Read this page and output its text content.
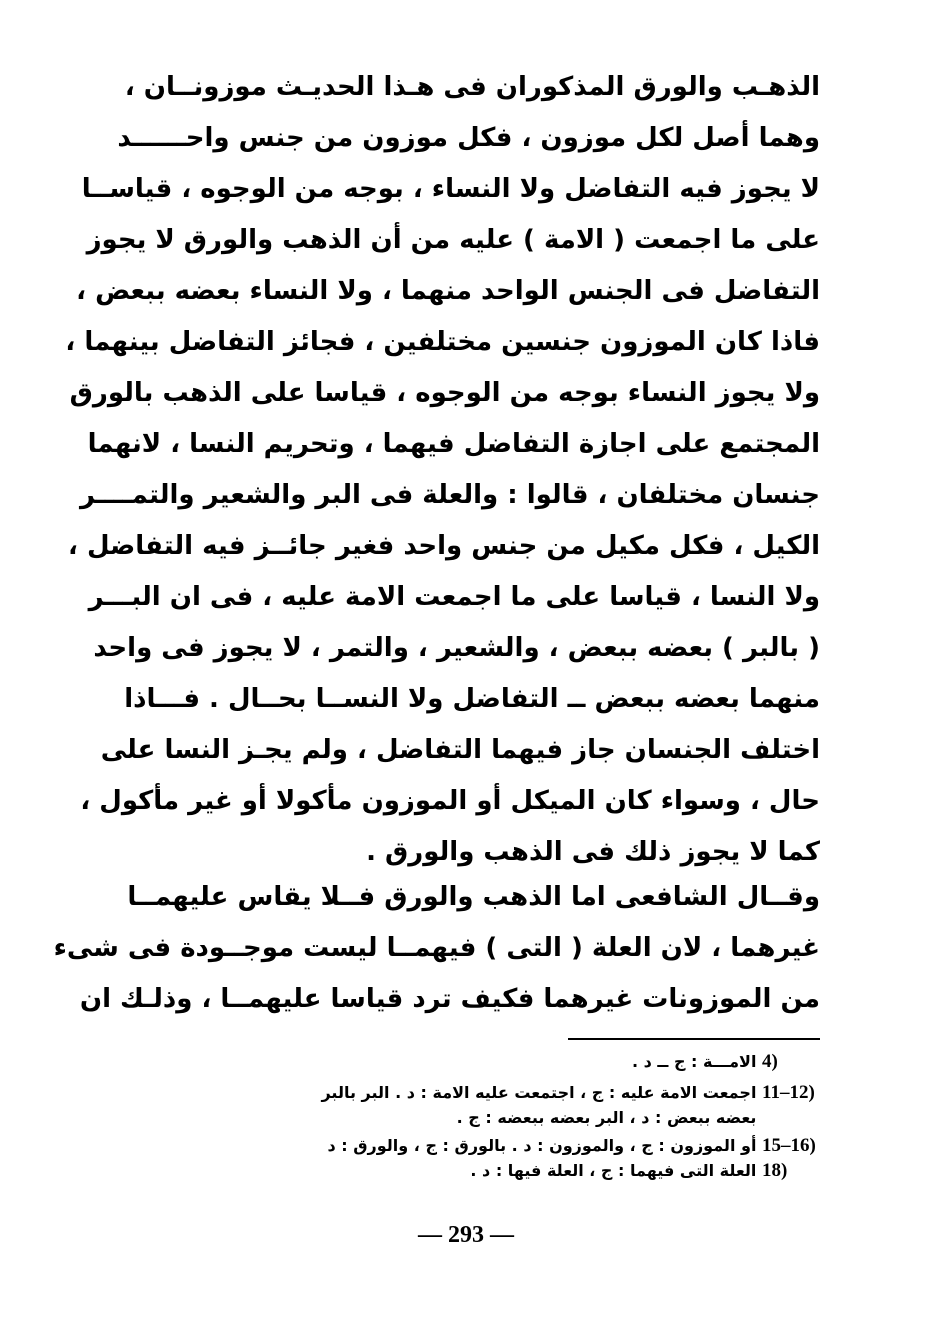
الذهـب والورق المذكوران فى هـذا الحديـث موزونــان ،
وهما أصل لكل موزون ، فكل موزون من جنس واحــــــد
لا يجوز فيه التفاضل ولا النساء ، بوجه من الوجوه ، قياســا
على ما اجمعت ( الامة ) عليه من أن الذهب والورق لا يجوز
التفاضل فى الجنس الواحد منهما ، ولا النساء بعضه ببعض ،
فاذا كان الموزون جنسين مختلفين ، فجائز التفاضل بينهما ،
ولا يجوز النساء بوجه من الوجوه ، قياسا على الذهب بالورق
المجتمع على اجازة التفاضل فيهما ، وتحريم النسا ، لانهما
جنسان مختلفان ، قالوا : والعلة فى البر والشعير والتمــــر
الكيل ، فكل مكيل من جنس واحد فغير جائــز فيه التفاضل ،
ولا النسا ، قياسا على ما اجمعت الامة عليه ، فى ان البـــر
( بالبر ) بعضه ببعض ، والشعير ، والتمر ، لا يجوز فى واحد
منهما بعضه ببعض ــ التفاضل ولا النســا بحــال . فـــاذا
اختلف الجنسان جاز فيهما التفاضل ، ولم يجـز النسا على
حال ، وسواء كان الميكل أو الموزون مأكولا أو غير مأكول ،
كما لا يجوز ذلك فى الذهب والورق .
وقــال الشافعى اما الذهب والورق فــلا يقاس عليهمــا
غيرهما ، لان العلة ( التى ) فيهمــا ليست موجــودة فى شىء
من الموزونات غيرهما فكيف ترد قياسا عليهمــا ، وذلـك ان
4) الامـــة : ج ــ د .
11–12) اجمعت الامة عليه : ج ، اجتمعت عليه الامة : د . البر بالبر
بعضه ببعض : د ، البر بعضه ببعضه : ج .
15–16) أو الموزون : ج ، والموزون : د . بالورق : ج ، والورق : د
18) العلة التى فيهما : ج ، العلة فيها : د .
— 293 —
